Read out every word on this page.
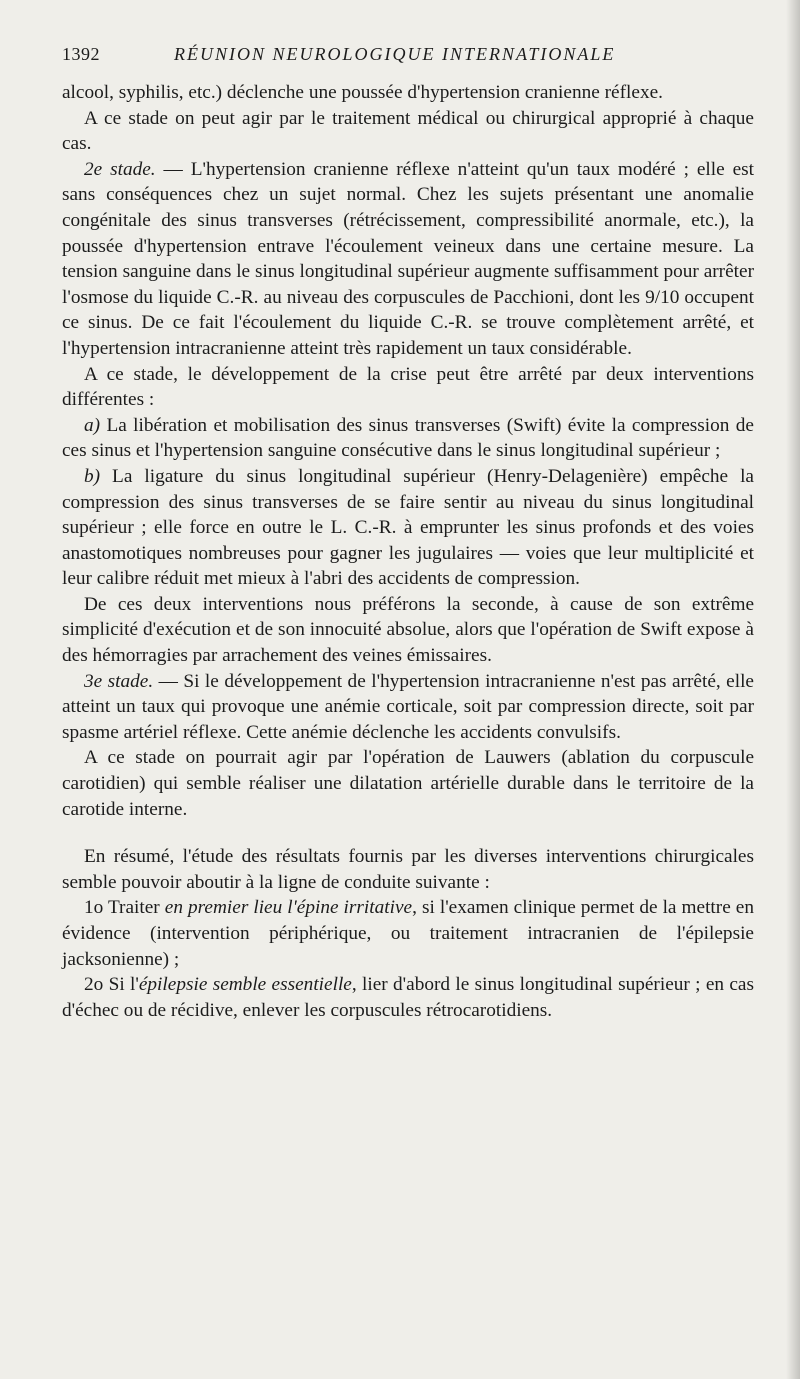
1392	RÉUNION NEUROLOGIQUE INTERNATIONALE

alcool, syphilis, etc.) déclenche une poussée d'hypertension cranienne réflexe.

A ce stade on peut agir par le traitement médical ou chirurgical approprié à chaque cas.

2e stade. — L'hypertension cranienne réflexe n'atteint qu'un taux modéré ; elle est sans conséquences chez un sujet normal. Chez les sujets présentant une anomalie congénitale des sinus transverses (rétrécissement, compressibilité anormale, etc.), la poussée d'hypertension entrave l'écoulement veineux dans une certaine mesure. La tension sanguine dans le sinus longitudinal supérieur augmente suffisamment pour arrêter l'osmose du liquide C.-R. au niveau des corpuscules de Pacchioni, dont les 9/10 occupent ce sinus. De ce fait l'écoulement du liquide C.-R. se trouve complètement arrêté, et l'hypertension intracranienne atteint très rapidement un taux considérable.

A ce stade, le développement de la crise peut être arrêté par deux interventions différentes :

a) La libération et mobilisation des sinus transverses (Swift) évite la compression de ces sinus et l'hypertension sanguine consécutive dans le sinus longitudinal supérieur ;

b) La ligature du sinus longitudinal supérieur (Henry-Delagenière) empêche la compression des sinus transverses de se faire sentir au niveau du sinus longitudinal supérieur ; elle force en outre le L. C.-R. à emprunter les sinus profonds et des voies anastomotiques nombreuses pour gagner les jugulaires — voies que leur multiplicité et leur calibre réduit met mieux à l'abri des accidents de compression.

De ces deux interventions nous préférons la seconde, à cause de son extrême simplicité d'exécution et de son innocuité absolue, alors que l'opération de Swift expose à des hémorragies par arrachement des veines émissaires.

3e stade. — Si le développement de l'hypertension intracranienne n'est pas arrêté, elle atteint un taux qui provoque une anémie corticale, soit par compression directe, soit par spasme artériel réflexe. Cette anémie déclenche les accidents convulsifs.

A ce stade on pourrait agir par l'opération de Lauwers (ablation du corpuscule carotidien) qui semble réaliser une dilatation artérielle durable dans le territoire de la carotide interne.

En résumé, l'étude des résultats fournis par les diverses interventions chirurgicales semble pouvoir aboutir à la ligne de conduite suivante :

1o Traiter en premier lieu l'épine irritative, si l'examen clinique permet de la mettre en évidence (intervention périphérique, ou traitement intracranien de l'épilepsie jacksonienne) ;

2o Si l'épilepsie semble essentielle, lier d'abord le sinus longitudinal supérieur ; en cas d'échec ou de récidive, enlever les corpuscules rétrocarotidiens.
